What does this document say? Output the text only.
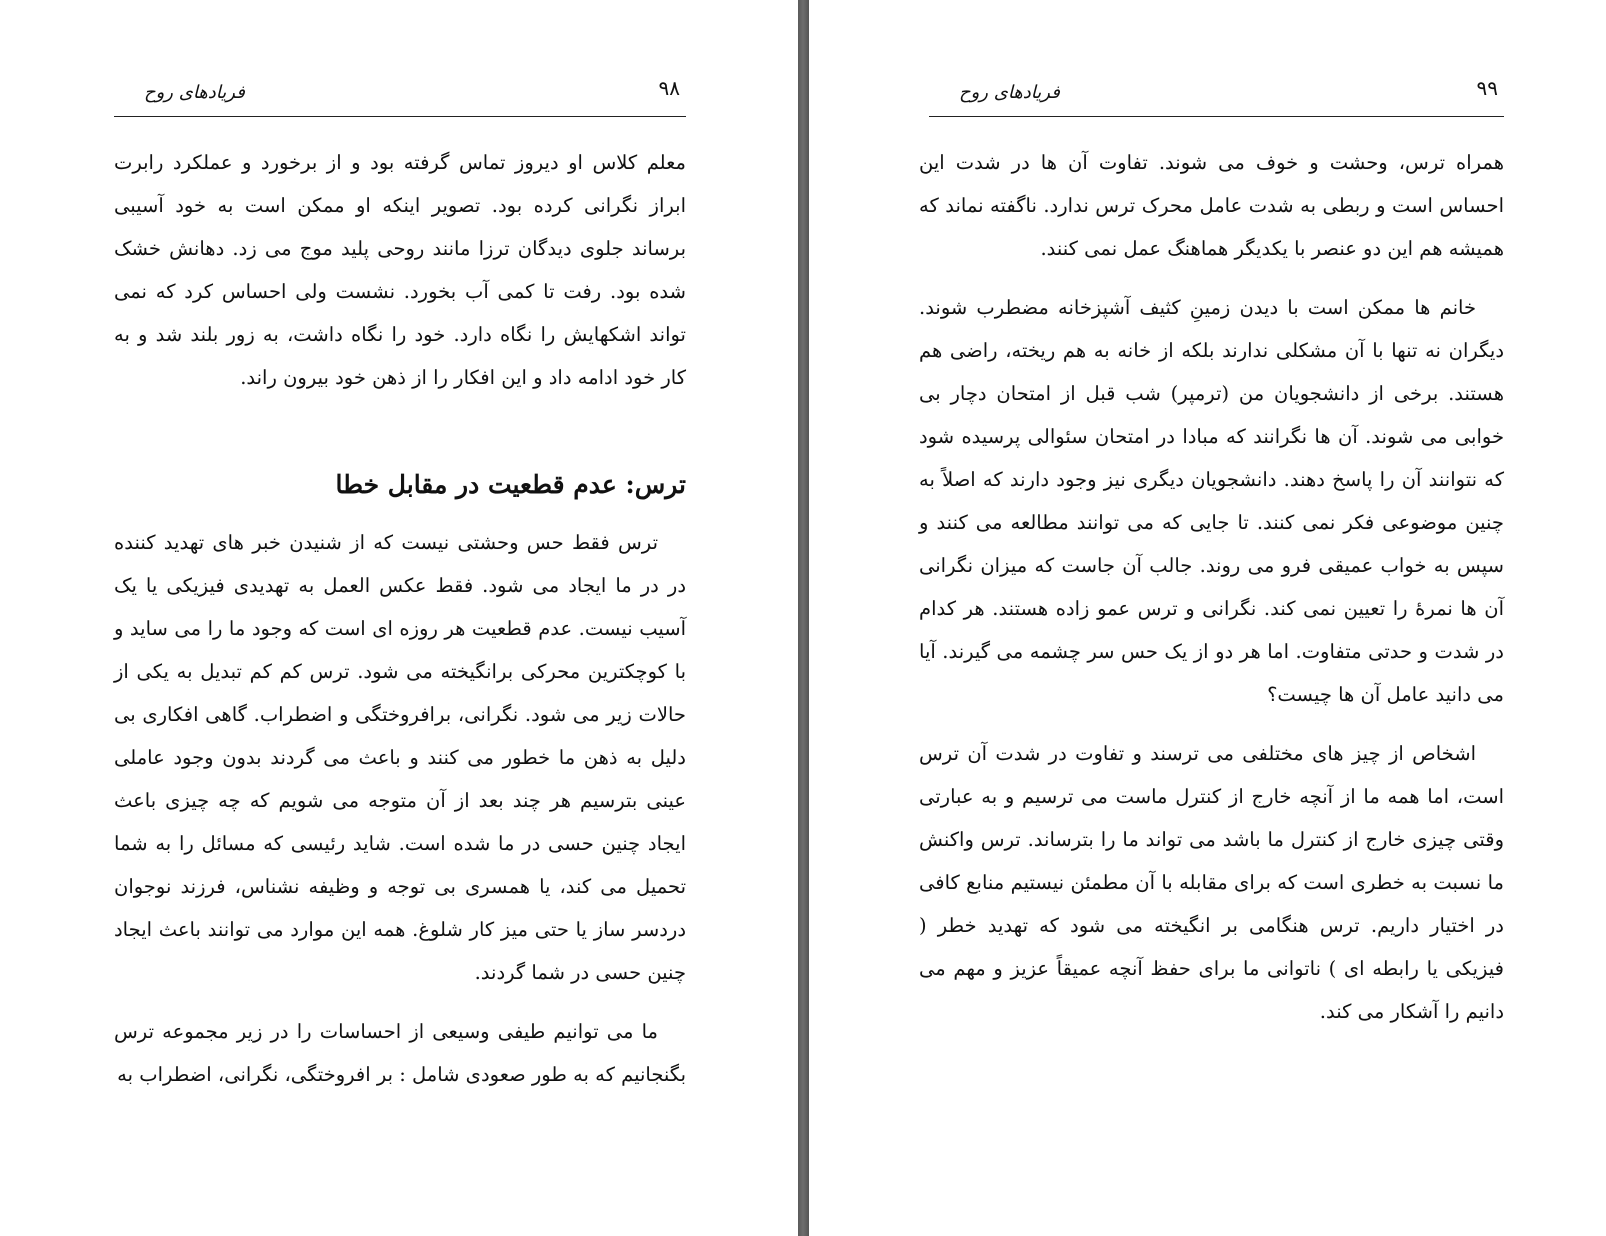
فریادهای روح	۹۸

معلم کلاس او دیروز تماس گرفته بود و از برخورد و عملکرد رابرت ابراز نگرانی کرده بود. تصویر اینکه او ممکن است به خود آسیبی برساند جلوی دیدگان ترزا مانند روحی پلید موج می زد. دهانش خشک شده بود. رفت تا کمی آب بخورد. نشست ولی احساس کرد که نمی تواند اشکهایش را نگاه دارد. خود را نگاه داشت، به زور بلند شد و به کار خود ادامه داد و این افکار را از ذهن خود بیرون راند.

ترس: عدم قطعیت در مقابل خطا

ترس فقط حس وحشتی نیست که از شنیدن خبر های تهدید کننده در در ما ایجاد می شود. فقط عکس العمل به تهدیدی فیزیکی یا یک آسیب نیست. عدم قطعیت هر روزه ای است که وجود ما را می ساید و با کوچکترین محرکی برانگیخته می شود. ترس کم کم تبدیل به یکی از حالات زیر می شود. نگرانی، برافروختگی و اضطراب. گاهی افکاری بی دلیل به ذهن ما خطور می کنند و باعث می گردند بدون وجود عاملی عینی بترسیم هر چند بعد از آن متوجه می شویم که چه چیزی باعث ایجاد چنین حسی در ما شده است. شاید رئیسی که مسائل را به شما تحمیل می کند، یا همسری بی توجه و وظیفه نشناس، فرزند نوجوان دردسر ساز یا حتی میز کار شلوغ. همه این موارد می توانند باعث ایجاد چنین حسی در شما گردند.

ما می توانیم طیفی وسیعی از احساسات را در زیر مجموعه ترس بگنجانیم که به طور صعودی شامل : بر افروختگی، نگرانی، اضطراب به

فریادهای روح	۹۹

همراه ترس، وحشت و خوف می شوند. تفاوت آن ها در شدت این احساس است و ربطی به شدت عامل محرک ترس ندارد. ناگفته نماند که همیشه هم این دو عنصر با یکدیگر هماهنگ عمل نمی کنند.

خانم ها ممکن است با دیدن زمینِ کثیف آشپزخانه مضطرب شوند. دیگران نه تنها با آن مشکلی ندارند بلکه از خانه به هم ریخته، راضی هم هستند. برخی از دانشجویان من (ترمپر) شب قبل از امتحان دچار بی خوابی می شوند. آن ها نگرانند که مبادا در امتحان سئوالی پرسیده شود که نتوانند آن را پاسخ دهند. دانشجویان دیگری نیز وجود دارند که اصلاً به چنین موضوعی فکر نمی کنند. تا جایی که می توانند مطالعه می کنند و سپس به خواب عمیقی فرو می روند. جالب آن جاست که میزان نگرانی آن ها نمرهٔ را تعیین نمی کند. نگرانی و ترس عمو زاده هستند. هر کدام در شدت و حدتی متفاوت. اما هر دو از یک حس سر چشمه می گیرند. آیا می دانید عامل آن ها چیست؟

اشخاص از چیز های مختلفی می ترسند و تفاوت در شدت آن ترس است، اما همه ما از آنچه خارج از کنترل ماست می ترسیم و به عبارتی وقتی چیزی خارج از کنترل ما باشد می تواند ما را بترساند. ترس واکنش ما نسبت به خطری است که برای مقابله با آن مطمئن نیستیم منابع کافی در اختیار داریم. ترس هنگامی بر انگیخته می شود که تهدید خطر ( فیزیکی یا رابطه ای ) ناتوانی ما برای حفظ آنچه عمیقاً عزیز و مهم می دانیم را آشکار می کند.
